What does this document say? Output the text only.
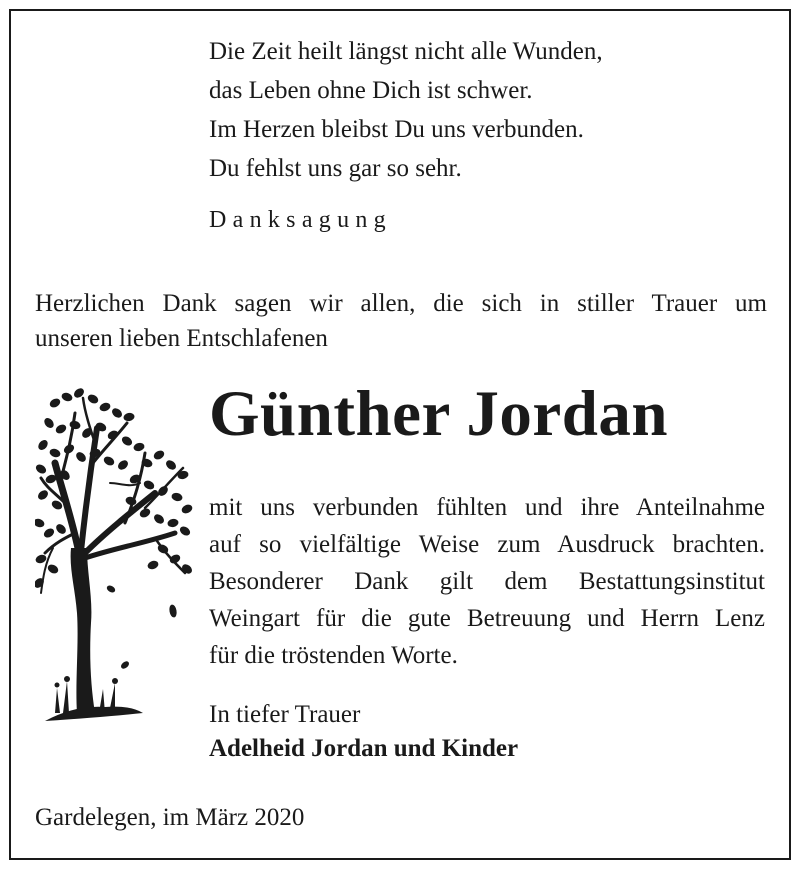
Die Zeit heilt längst nicht alle Wunden,
das Leben ohne Dich ist schwer.
Im Herzen bleibst Du uns verbunden.
Du fehlst uns gar so sehr.
Danksagung
Herzlichen Dank sagen wir allen, die sich in stiller Trauer um
unseren lieben Entschlafenen
Günther Jordan
mit uns verbunden fühlten und ihre Anteilnahme
auf so vielfältige Weise zum Ausdruck brachten.
Besonderer Dank gilt dem Bestattungsinstitut
Weingart für die gute Betreuung und Herrn Lenz
für die tröstenden Worte.
In tiefer Trauer
Adelheid Jordan und Kinder
Gardelegen, im März 2020
